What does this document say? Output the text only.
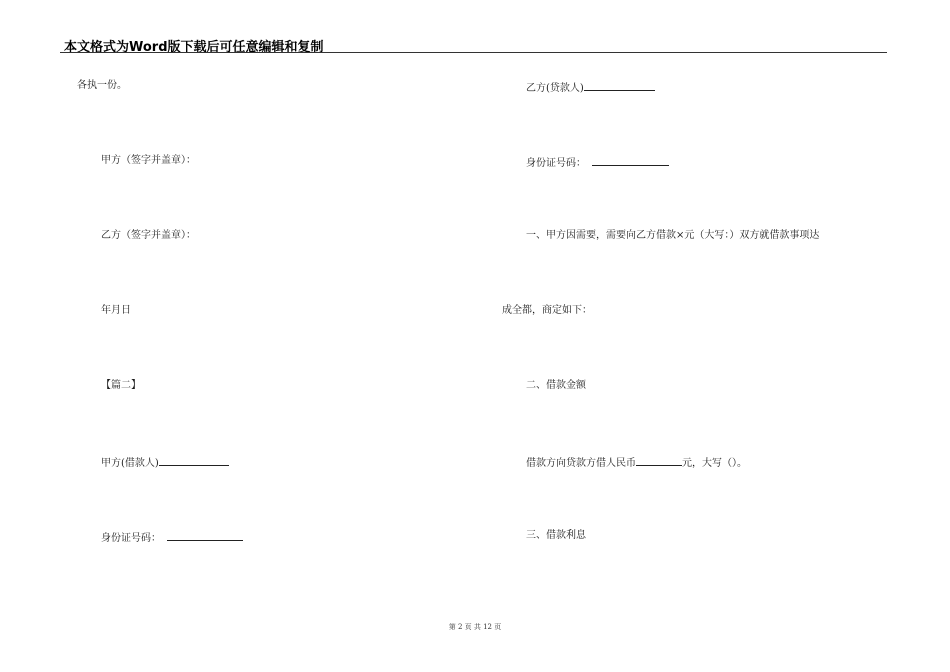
本文格式为Word版下载后可任意编辑和复制
各执一份。
甲方（签字并盖章）：
乙方（签字并盖章）：
年月日
【篇二】
甲方(借款人)
身份证号码：
乙方(贷款人)
身份证号码：
一、甲方因需要，需要向乙方借款×元（大写：）双方就借款事项达
成全都，商定如下：
二、借款金额
借款方向贷款方借人民币	元，大写（）。
三、借款利息
第 2 页 共 12 页
